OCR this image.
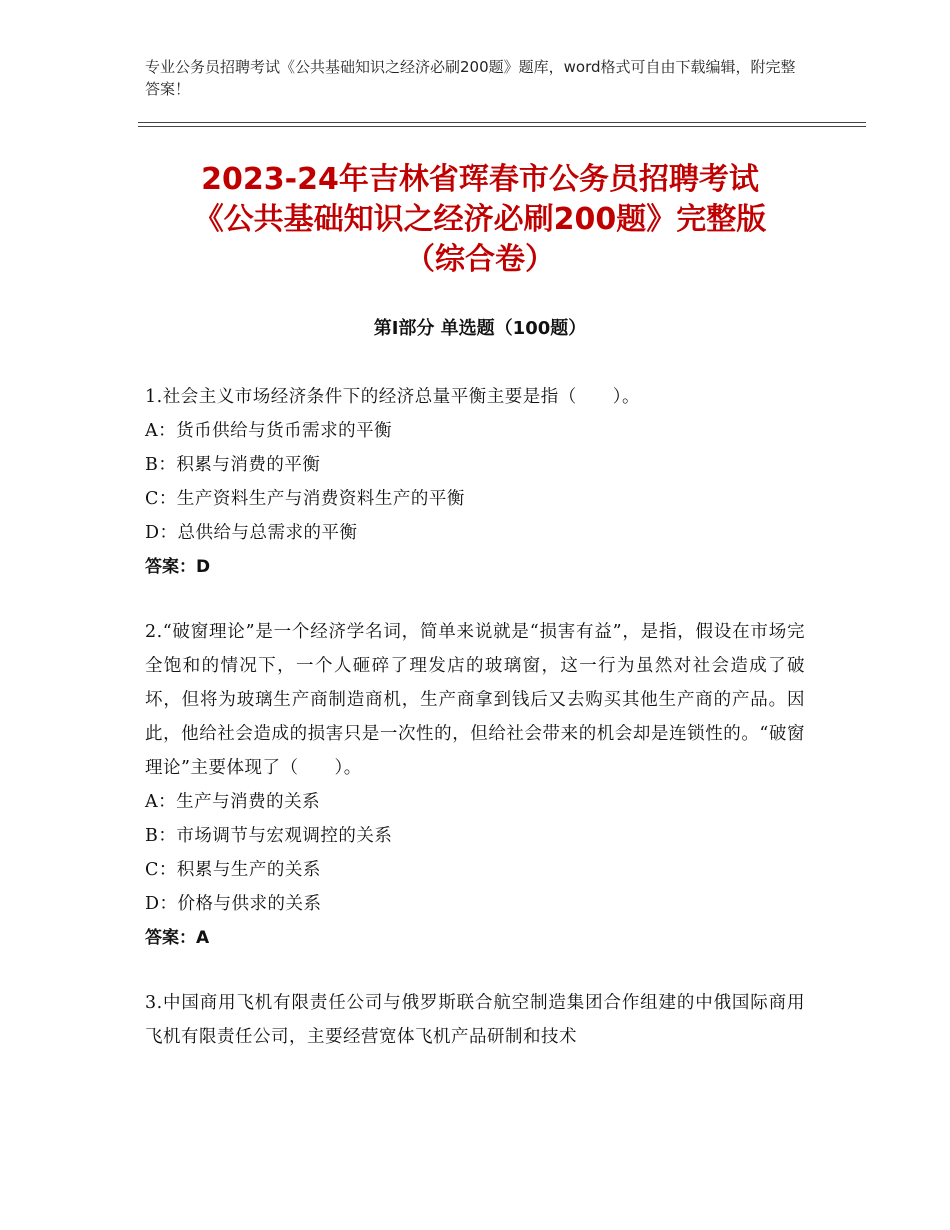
专业公务员招聘考试《公共基础知识之经济必刷200题》题库，word格式可自由下载编辑，附完整答案！
2023-24年吉林省珲春市公务员招聘考试
《公共基础知识之经济必刷200题》完整版
（综合卷）
第Ⅰ部分 单选题（100题）
1.社会主义市场经济条件下的经济总量平衡主要是指（　　）。
A：货币供给与货币需求的平衡
B：积累与消费的平衡
C：生产资料生产与消费资料生产的平衡
D：总供给与总需求的平衡
答案：D
2.“破窗理论”是一个经济学名词，简单来说就是“损害有益”，是指，假设在市场完全饱和的情况下，一个人砸碎了理发店的玻璃窗，这一行为虽然对社会造成了破坏，但将为玻璃生产商制造商机，生产商拿到钱后又去购买其他生产商的产品。因此，他给社会造成的损害只是一次性的，但给社会带来的机会却是连锁性的。“破窗理论”主要体现了（　　）。
A：生产与消费的关系
B：市场调节与宏观调控的关系
C：积累与生产的关系
D：价格与供求的关系
答案：A
3.中国商用飞机有限责任公司与俄罗斯联合航空制造集团合作组建的中俄国际商用飞机有限责任公司，主要经营宽体飞机产品研制和技术
